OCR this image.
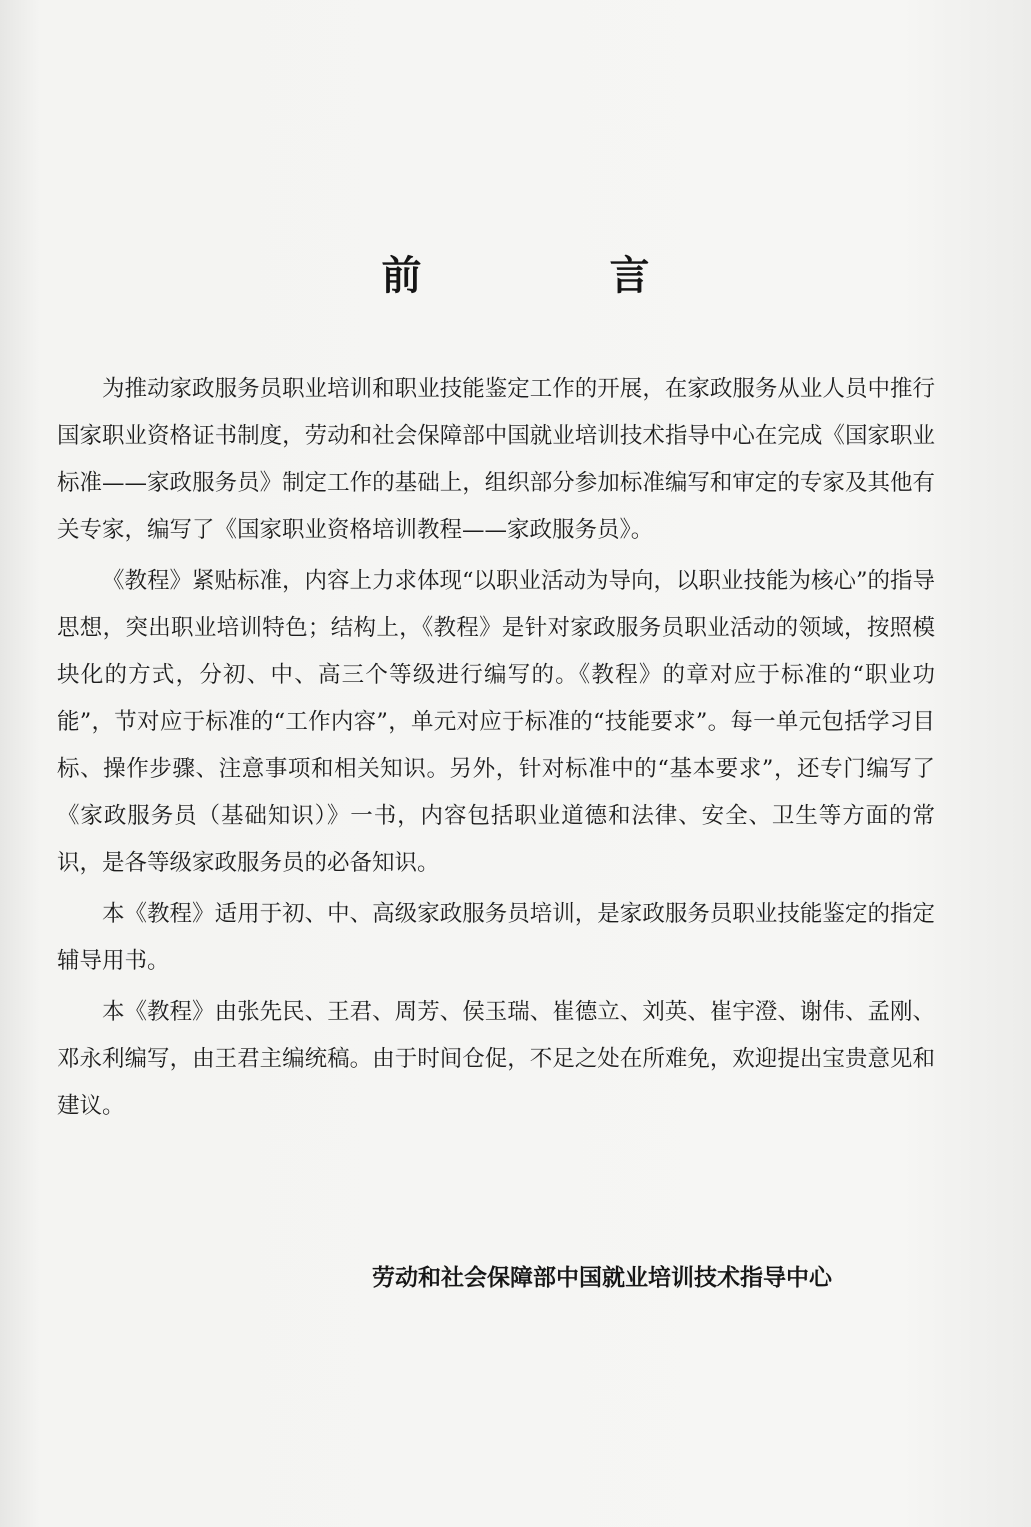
前　言

为推动家政服务员职业培训和职业技能鉴定工作的开展，在家政服务从业人员中推行国家职业资格证书制度，劳动和社会保障部中国就业培训技术指导中心在完成《国家职业标准——家政服务员》制定工作的基础上，组织部分参加标准编写和审定的专家及其他有关专家，编写了《国家职业资格培训教程——家政服务员》。

《教程》紧贴标准，内容上力求体现“以职业活动为导向，以职业技能为核心”的指导思想，突出职业培训特色；结构上，《教程》是针对家政服务员职业活动的领域，按照模块化的方式，分初、中、高三个等级进行编写的。《教程》的章对应于标准的“职业功能”，节对应于标准的“工作内容”，单元对应于标准的“技能要求”。每一单元包括学习目标、操作步骤、注意事项和相关知识。另外，针对标准中的“基本要求”，还专门编写了《家政服务员（基础知识）》一书，内容包括职业道德和法律、安全、卫生等方面的常识，是各等级家政服务员的必备知识。

本《教程》适用于初、中、高级家政服务员培训，是家政服务员职业技能鉴定的指定辅导用书。

本《教程》由张先民、王君、周芳、侯玉瑞、崔德立、刘英、崔宇澄、谢伟、孟刚、邓永利编写，由王君主编统稿。由于时间仓促，不足之处在所难免，欢迎提出宝贵意见和建议。

劳动和社会保障部中国就业培训技术指导中心
